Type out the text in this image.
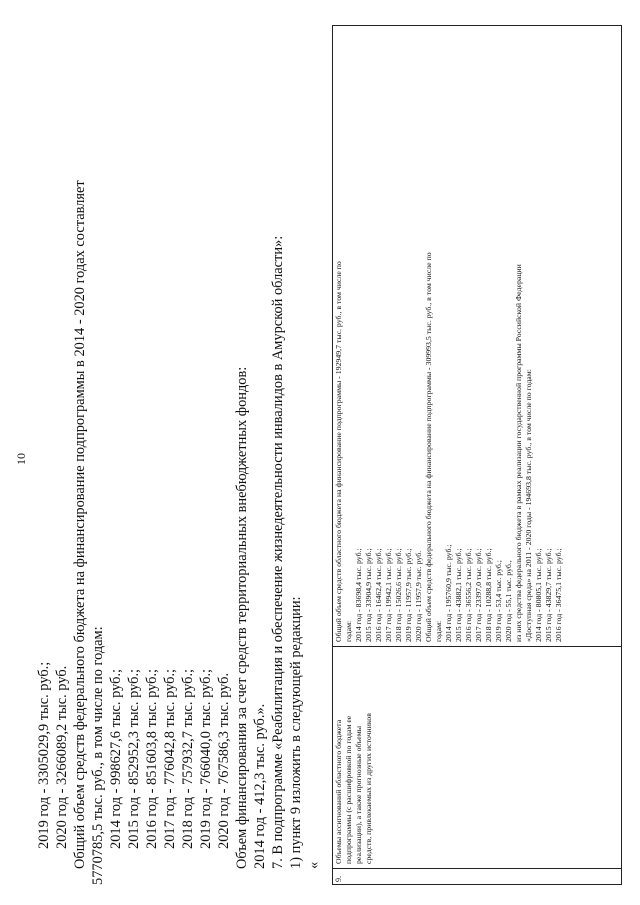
10
2019 год - 3305029,9 тыс. руб.; 2020 год - 3266089,2 тыс. руб. Общий объем средств федерального бюджета на финансирование подпрограммы в 2014 - 2020 годах составляет 5770785,5 тыс. руб., в том числе по годам: 2014 год - 998627,6 тыс. руб.; 2015 год - 852952,3 тыс. руб.; 2016 год - 851603,8 тыс. руб.; 2017 год - 776042,8 тыс. руб.; 2018 год - 757932,7 тыс. руб.; 2019 год - 766040,0 тыс. руб.; 2020 год - 767586,3 тыс. руб. Объем финансирования за счет средств территориальных внебюджетных фондов: 2014 год - 412,3 тыс. руб.». 7. В подпрограмме «Реабилитация и обеспечение жизнедеятельности инвалидов в Амурской области»: 1) пункт 9 изложить в следующей редакции: «
9.
Объемы ассигнований областного бюджета подпрограммы (с расшифровкой по годам ее реализации), а также прогнозные объемы средств, привлекаемых из других источников
Общий объем средств областного бюджета на финансирование подпрограммы - 192949,7 тыс. руб., в том числе по годам: 2014 год - 83698,4 тыс. руб.; 2015 год - 33904,9 тыс. руб.; 2016 год - 16462,4 тыс. руб.; 2017 год - 19942,1 тыс. руб.; 2018 год - 15026,6 тыс. руб.; 2019 год - 11957,9 тыс. руб.; 2020 год - 11957,9 тыс. руб. Общий объем средств федерального бюджета на финансирование подпрограммы - 309993,5 тыс. руб., в том числе по годам: 2014 год - 195760,9 тыс. руб.; 2015 год - 43882,1 тыс. руб.; 2016 год - 36556,2 тыс. руб.; 2017 год - 23397,0 тыс. руб.; 2018 год - 10288,8 тыс. руб.; 2019 год - 53,4 тыс. руб.; 2020 год - 55,1 тыс. руб., из них средства федерального бюджета в рамках реализации государственной программы Российской Федерации «Доступная среда» на 2011 - 2020 годы - 194693,8 тыс. руб., в том числе по годам: 2014 год - 80805,1 тыс. руб.; 2015 год - 43829,7 тыс. руб.; 2016 год - 36475,1 тыс. руб.;
